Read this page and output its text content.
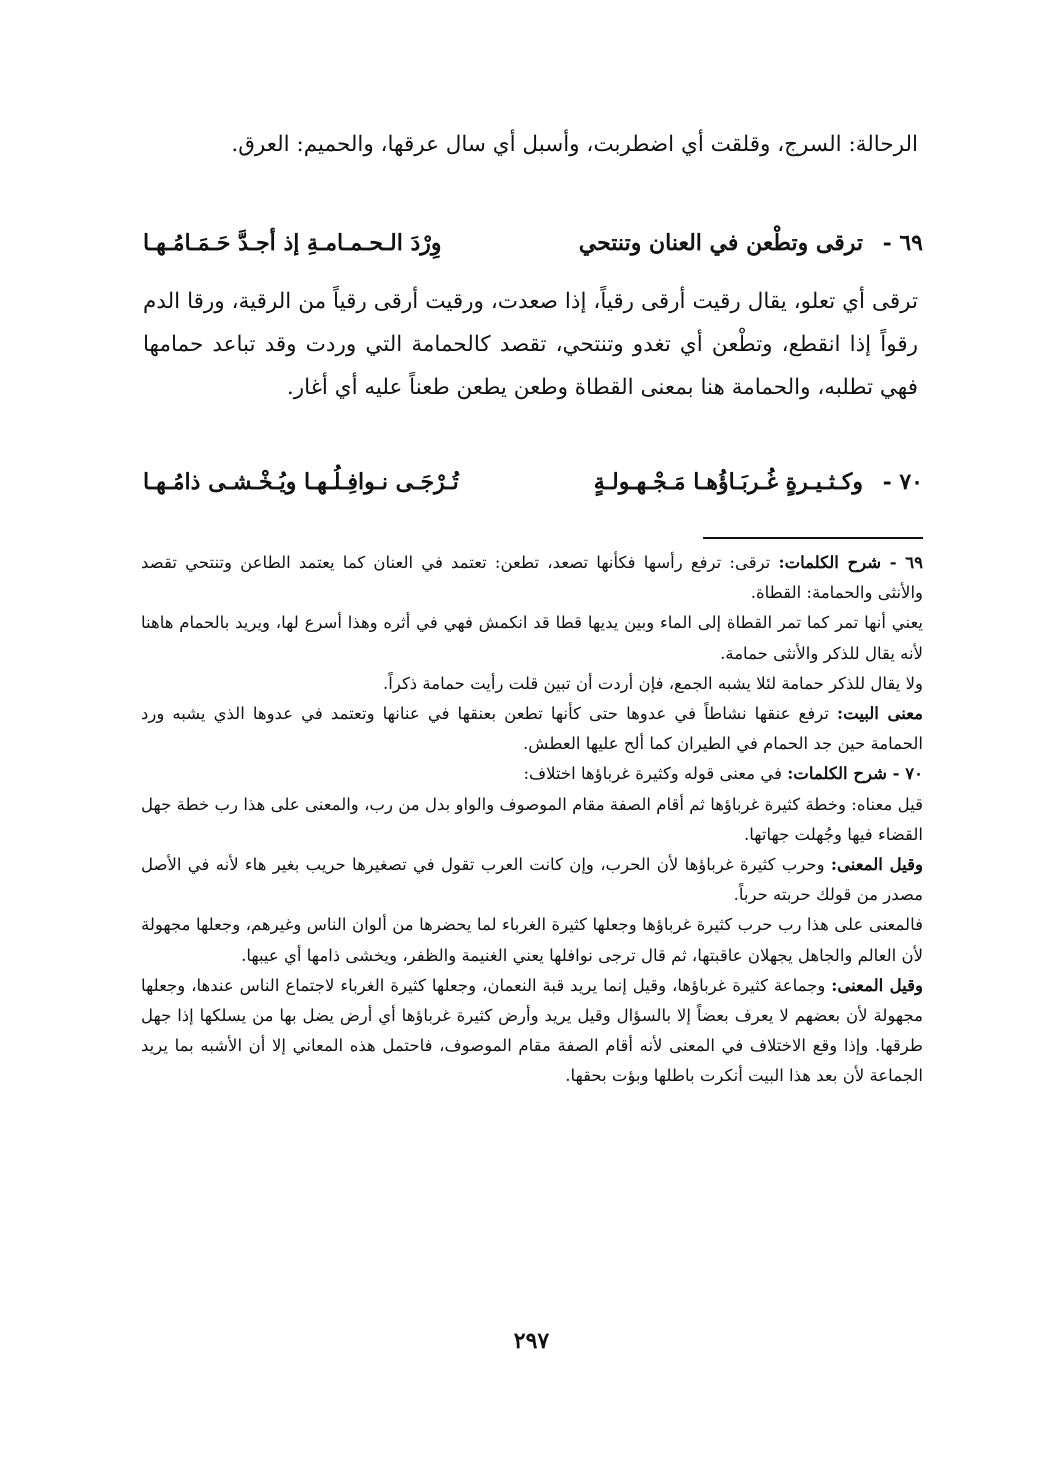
الرحالة: السرج، وقلقت أي اضطربت، وأسبل أي سال عرقها، والحميم: العرق.

٦٩ -
ترقى وتطْعن في العنان وتنتحي
وِرْدَ الـحـمـامـةِ إذ أجـدَّ حَـمَـامُـهـا

ترقى أي تعلو، يقال رقيت أرقى رقياً، إذا صعدت، ورقيت أرقى رقياً من الرقية، ورقا الدم رقواً إذا انقطع، وتطْعن أي تغدو وتنتحي، تقصد كالحمامة التي وردت وقد تباعد حمامها فهي تطلبه، والحمامة هنا بمعنى القطاة وطعن يطعن طعناً عليه أي أغار.

٧٠ -
وكـثـيـرةٍ غُـربَـاؤُهـا مَـجْـهـولـةٍ
تُـرْجَـى نـوافِـلُـهـا ويُـخْـشـى ذامُـهـا

٦٩ - شرح الكلمات: ترقى: ترفع رأسها فكأنها تصعد، تطعن: تعتمد في العنان كما يعتمد الطاعن وتنتحي تقصد والأنثى والحمامة: القطاة.

يعني أنها تمر كما تمر القطاة إلى الماء وبين يديها قطا قد انكمش فهي في أثره وهذا أسرع لها، ويريد بالحمام هاهنا لأنه يقال للذكر والأنثى حمامة.

ولا يقال للذكر حمامة لئلا يشبه الجمع، فإن أردت أن تبين قلت رأيت حمامة ذكراً.

معنى البيت: ترفع عنقها نشاطاً في عدوها حتى كأنها تطعن بعنقها في عنانها وتعتمد في عدوها الذي يشبه ورد الحمامة حين جد الحمام في الطيران كما ألح عليها العطش.

٧٠ - شرح الكلمات: في معنى قوله وكثيرة غرباؤها اختلاف:

قيل معناه: وخطة كثيرة غرباؤها ثم أقام الصفة مقام الموصوف والواو بدل من رب، والمعنى على هذا رب خطة جهل القضاء فيها وجُهلت جهاتها.

وقيل المعنى: وحرب كثيرة غرباؤها لأن الحرب، وإن كانت العرب تقول في تصغيرها حريب بغير هاء لأنه في الأصل مصدر من قولك حربته حرباً.

فالمعنى على هذا رب حرب كثيرة غرباؤها وجعلها كثيرة الغرباء لما يحضرها من ألوان الناس وغيرهم، وجعلها مجهولة لأن العالم والجاهل يجهلان عاقبتها، ثم قال ترجى نوافلها يعني الغنيمة والظفر، ويخشى ذامها أي عيبها.

وقيل المعنى: وجماعة كثيرة غرباؤها، وقيل إنما يريد قبة النعمان، وجعلها كثيرة الغرباء لاجتماع الناس عندها، وجعلها مجهولة لأن بعضهم لا يعرف بعضاً إلا بالسؤال وقيل يريد وأرض كثيرة غرباؤها أي أرض يضل بها من يسلكها إذا جهل طرقها. وإذا وقع الاختلاف في المعنى لأنه أقام الصفة مقام الموصوف، فاحتمل هذه المعاني إلا أن الأشبه بما يريد الجماعة لأن بعد هذا البيت أنكرت باطلها وبؤت بحقها.

٢٩٧
